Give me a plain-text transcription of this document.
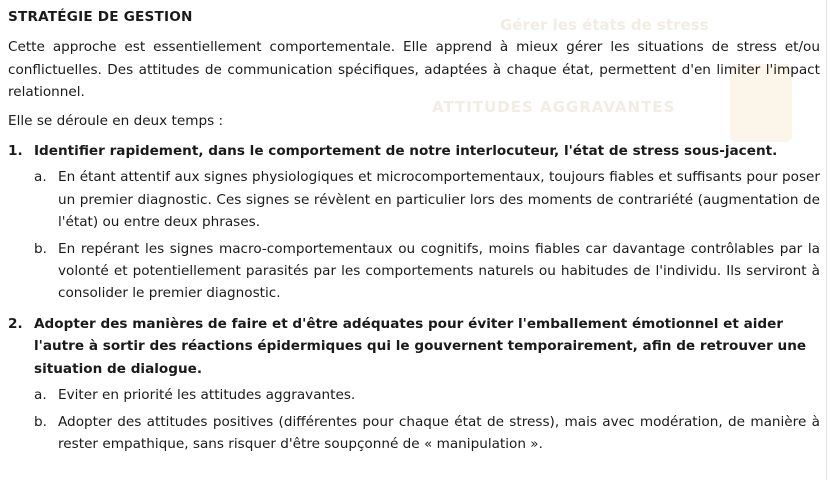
Gérer les états de stress
ATTITUDES AGGRAVANTES
STRATÉGIE DE GESTION

Cette approche est essentiellement comportementale. Elle apprend à mieux gérer les situations de stress et/ou conflictuelles. Des attitudes de communication spécifiques, adaptées à chaque état, permettent d'en limiter l'impact relationnel.

Elle se déroule en deux temps :

1. Identifier rapidement, dans le comportement de notre interlocuteur, l'état de stress sous-jacent.
a. En étant attentif aux signes physiologiques et microcomportementaux, toujours fiables et suffisants pour poser un premier diagnostic. Ces signes se révèlent en particulier lors des moments de contrariété (augmentation de l'état) ou entre deux phrases.
b. En repérant les signes macro-comportementaux ou cognitifs, moins fiables car davantage contrôlables par la volonté et potentiellement parasités par les comportements naturels ou habitudes de l'individu. Ils serviront à consolider le premier diagnostic.
2. Adopter des manières de faire et d'être adéquates pour éviter l'emballement émotionnel et aider l'autre à sortir des réactions épidermiques qui le gouvernent temporairement, afin de retrouver une situation de dialogue.
a. Eviter en priorité les attitudes aggravantes.
b. Adopter des attitudes positives (différentes pour chaque état de stress), mais avec modération, de manière à rester empathique, sans risquer d'être soupçonné de « manipulation ».
